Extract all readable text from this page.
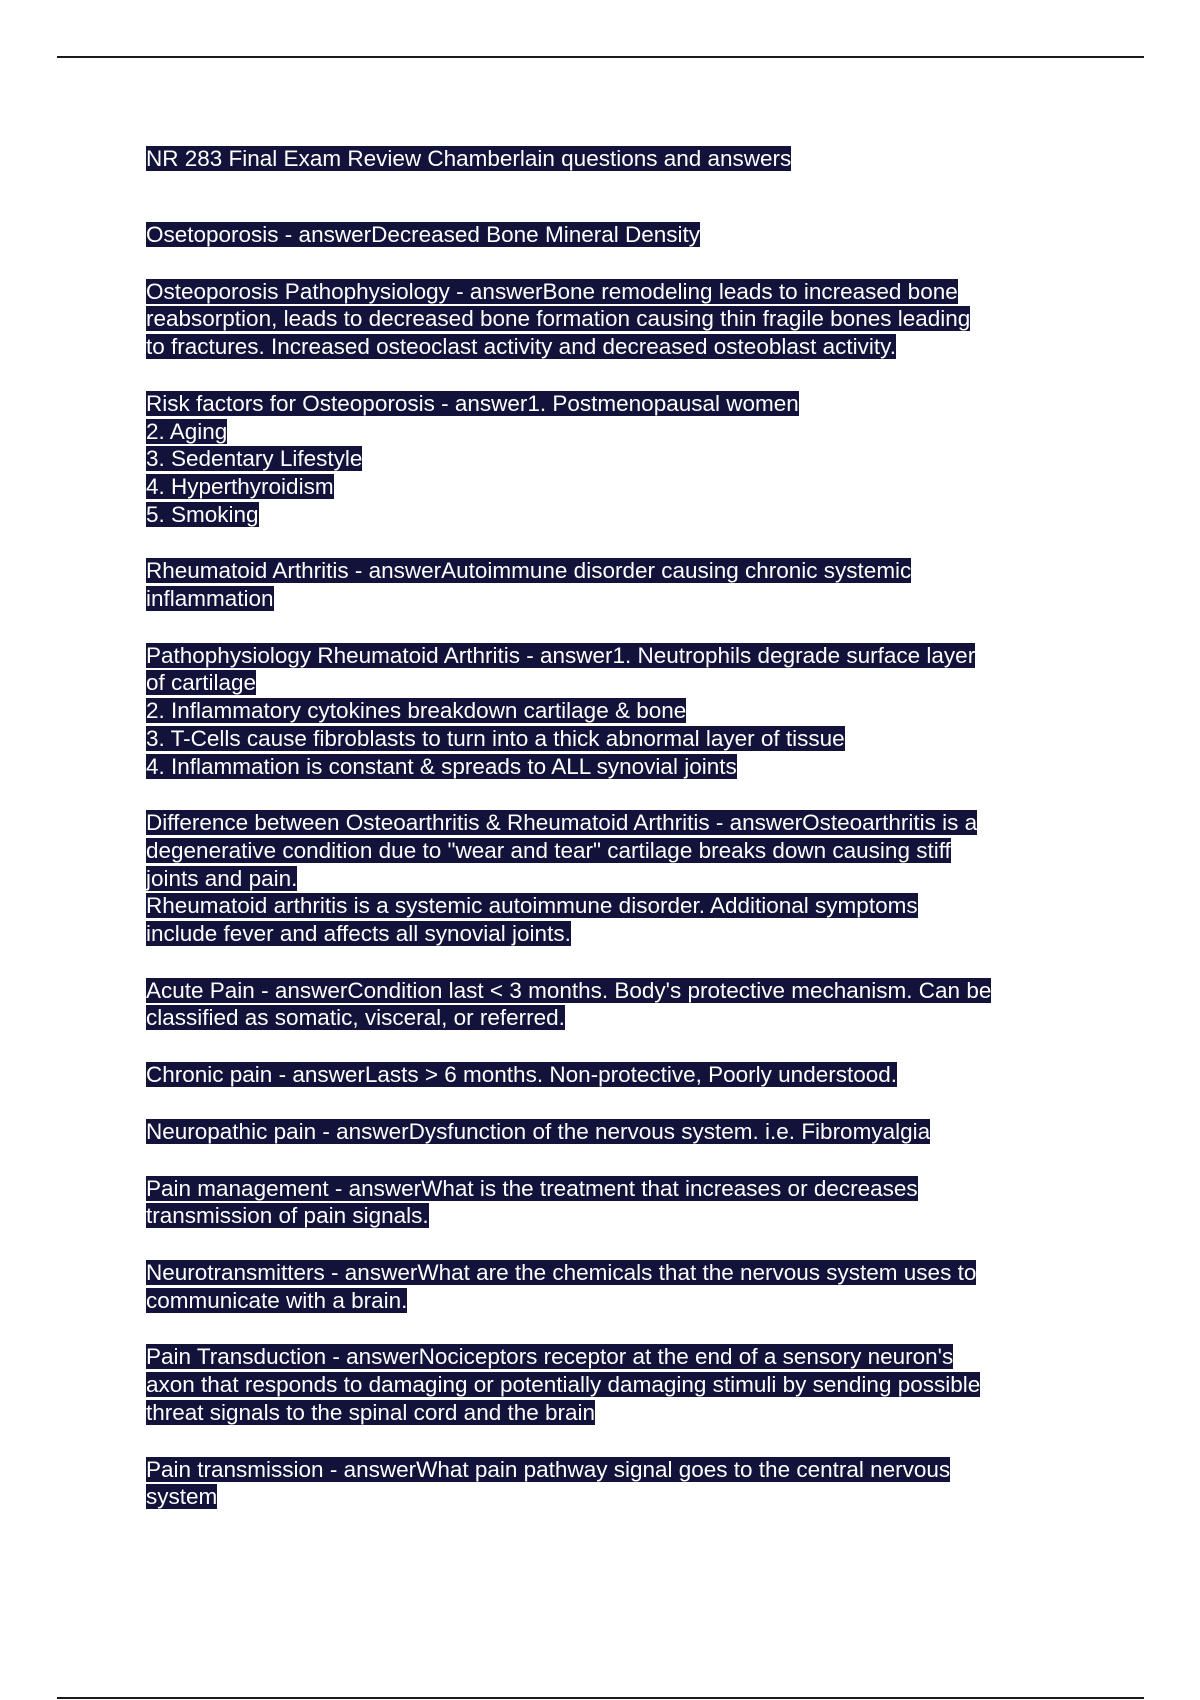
NR 283 Final Exam Review Chamberlain questions and answers
Osetoporosis - answerDecreased Bone Mineral Density
Osteoporosis Pathophysiology - answerBone remodeling leads to increased bone
reabsorption, leads to decreased bone formation causing thin fragile bones leading
to fractures. Increased osteoclast activity and decreased osteoblast activity.
Risk factors for Osteoporosis - answer1. Postmenopausal women
2. Aging
3. Sedentary Lifestyle
4. Hyperthyroidism
5. Smoking
Rheumatoid Arthritis - answerAutoimmune disorder causing chronic systemic
inflammation
Pathophysiology Rheumatoid Arthritis - answer1. Neutrophils degrade surface layer
of cartilage
2. Inflammatory cytokines breakdown cartilage & bone
3. T-Cells cause fibroblasts to turn into a thick abnormal layer of tissue
4. Inflammation is constant & spreads to ALL synovial joints
Difference between Osteoarthritis & Rheumatoid Arthritis - answerOsteoarthritis is a
degenerative condition due to "wear and tear" cartilage breaks down causing stiff
joints and pain.
Rheumatoid arthritis is a systemic autoimmune disorder. Additional symptoms
include fever and affects all synovial joints.
Acute Pain - answerCondition last < 3 months. Body's protective mechanism. Can be
classified as somatic, visceral, or referred.
Chronic pain - answerLasts > 6 months. Non-protective, Poorly understood.
Neuropathic pain - answerDysfunction of the nervous system. i.e. Fibromyalgia
Pain management - answerWhat is the treatment that increases or decreases
transmission of pain signals.
Neurotransmitters - answerWhat are the chemicals that the nervous system uses to
communicate with a brain.
Pain Transduction - answerNociceptors receptor at the end of a sensory neuron's
axon that responds to damaging or potentially damaging stimuli by sending possible
threat signals to the spinal cord and the brain
Pain transmission - answerWhat pain pathway signal goes to the central nervous
system
